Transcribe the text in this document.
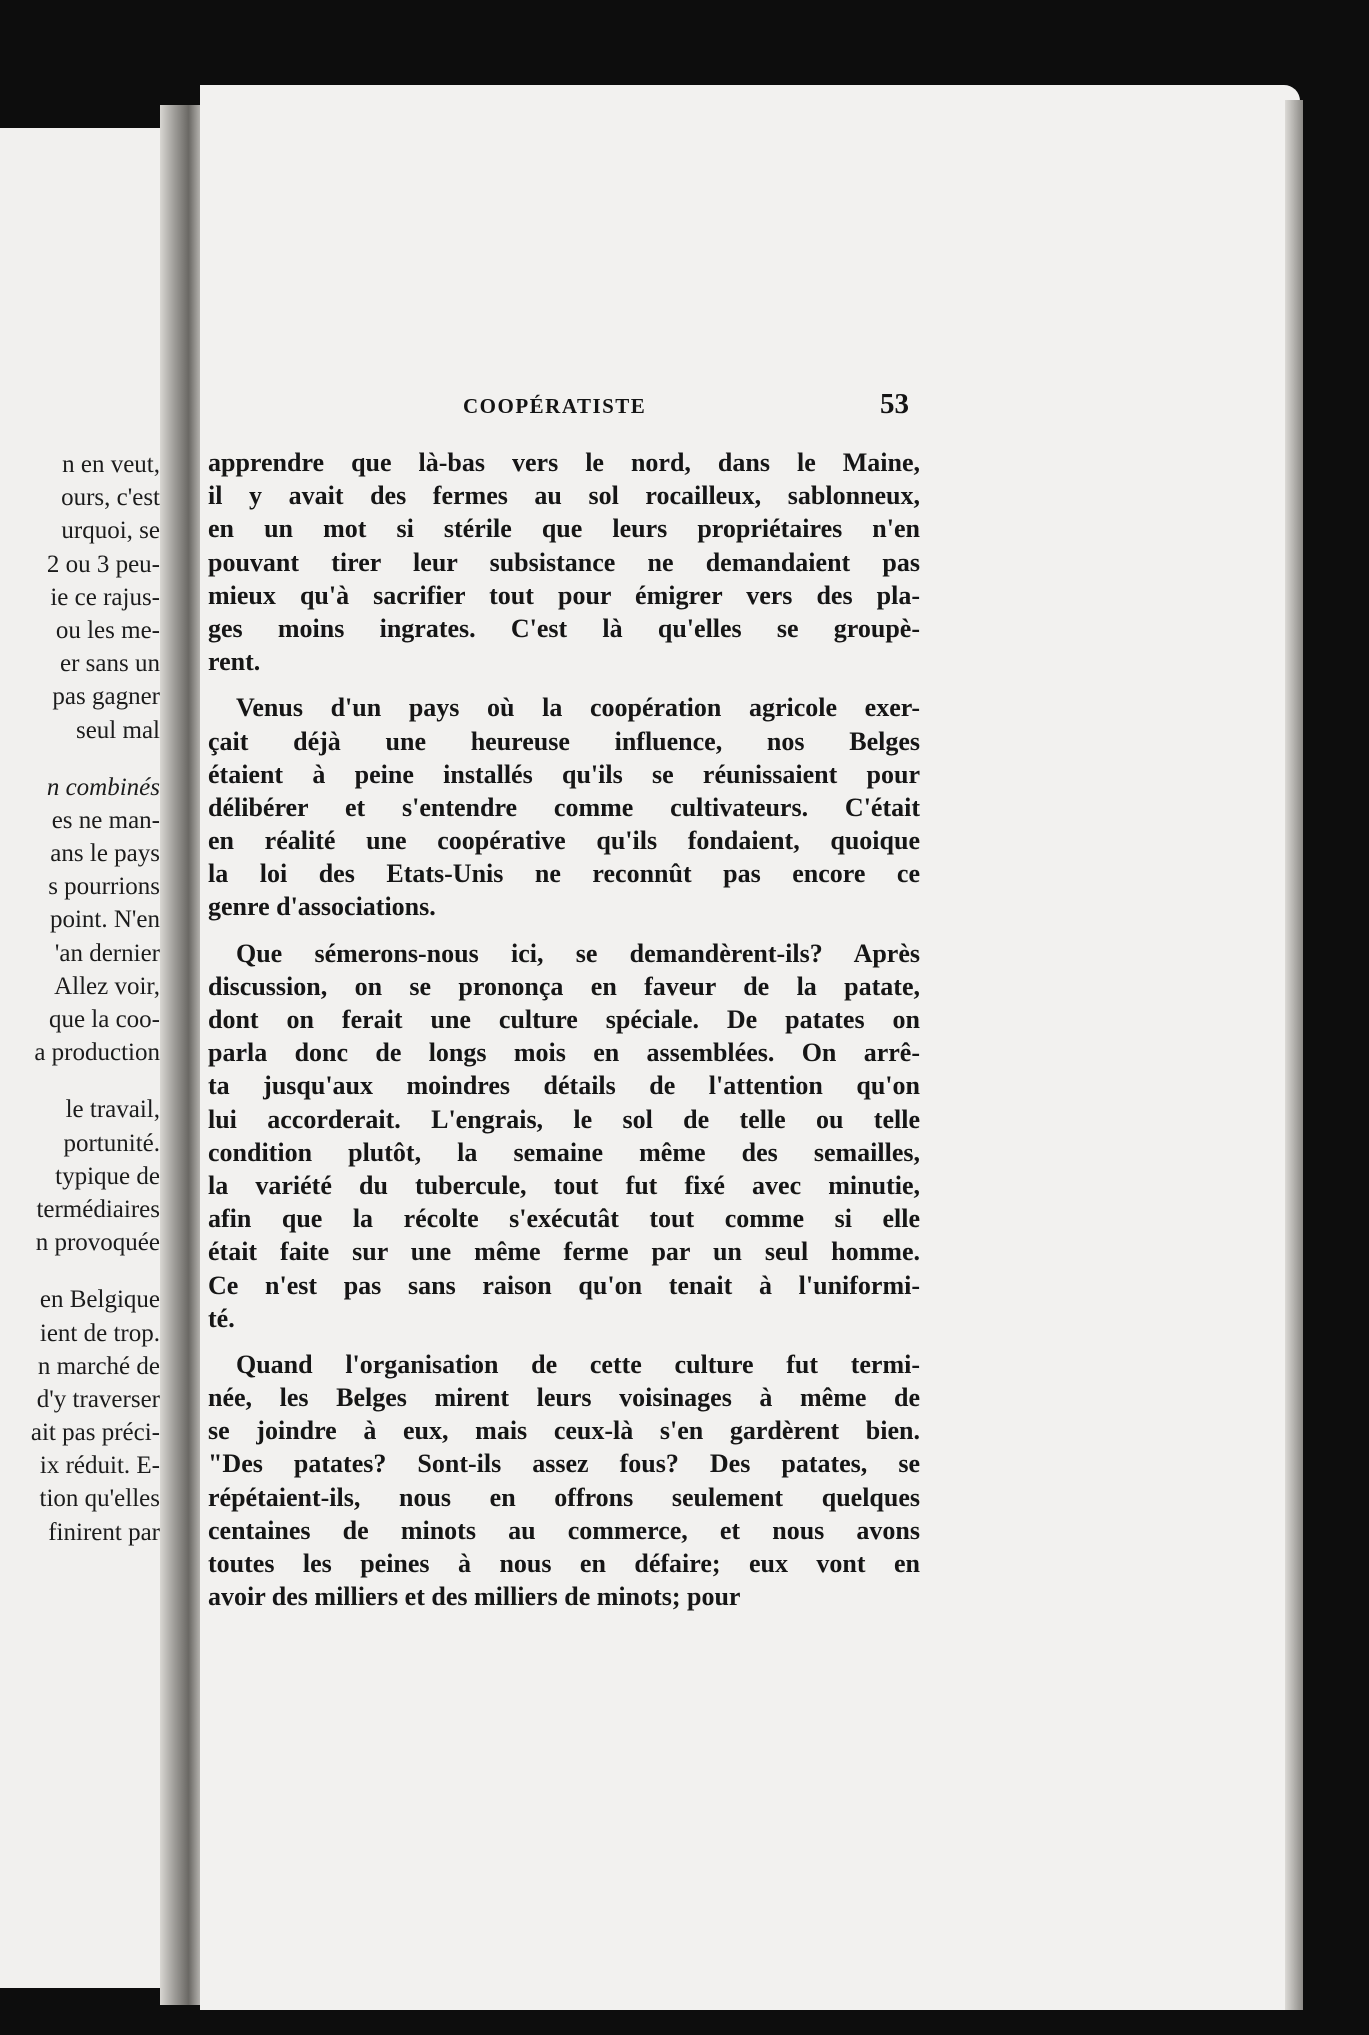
n en veut,
ours, c'est
urquoi, se
2 ou 3 peu-
ie ce rajus-
ou les me-
er sans un
pas gagner
seul mal
n combinés
es ne man-
ans le pays
s pourrions
point. N'en
'an dernier
Allez voir,
que la coo-
a production
le travail,
portunité.
typique de
termédiaires
n provoquée
en Belgique
ient de trop.
n marché de
d'y traverser
ait pas préci-
ix réduit. E-
tion qu'elles
finirent par
COOPÉRATISTE	53
apprendre que là-bas vers le nord, dans le Maine,
il y avait des fermes au sol rocailleux, sablonneux,
en un mot si stérile que leurs propriétaires n'en
pouvant tirer leur subsistance ne demandaient pas
mieux qu'à sacrifier tout pour émigrer vers des pla-
ges moins ingrates. C'est là qu'elles se groupè-
rent.
Venus d'un pays où la coopération agricole exer-
çait déjà une heureuse influence, nos Belges
étaient à peine installés qu'ils se réunissaient pour
délibérer et s'entendre comme cultivateurs. C'était
en réalité une coopérative qu'ils fondaient, quoique
la loi des Etats-Unis ne reconnût pas encore ce
genre d'associations.
Que sémerons-nous ici, se demandèrent-ils? Après
discussion, on se prononça en faveur de la patate,
dont on ferait une culture spéciale. De patates on
parla donc de longs mois en assemblées. On arrê-
ta jusqu'aux moindres détails de l'attention qu'on
lui accorderait. L'engrais, le sol de telle ou telle
condition plutôt, la semaine même des semailles,
la variété du tubercule, tout fut fixé avec minutie,
afin que la récolte s'exécutât tout comme si elle
était faite sur une même ferme par un seul homme.
Ce n'est pas sans raison qu'on tenait à l'uniformi-
té.
Quand l'organisation de cette culture fut termi-
née, les Belges mirent leurs voisinages à même de
se joindre à eux, mais ceux-là s'en gardèrent bien.
"Des patates? Sont-ils assez fous? Des patates, se
répétaient-ils, nous en offrons seulement quelques
centaines de minots au commerce, et nous avons
toutes les peines à nous en défaire; eux vont en
avoir des milliers et des milliers de minots; pour
